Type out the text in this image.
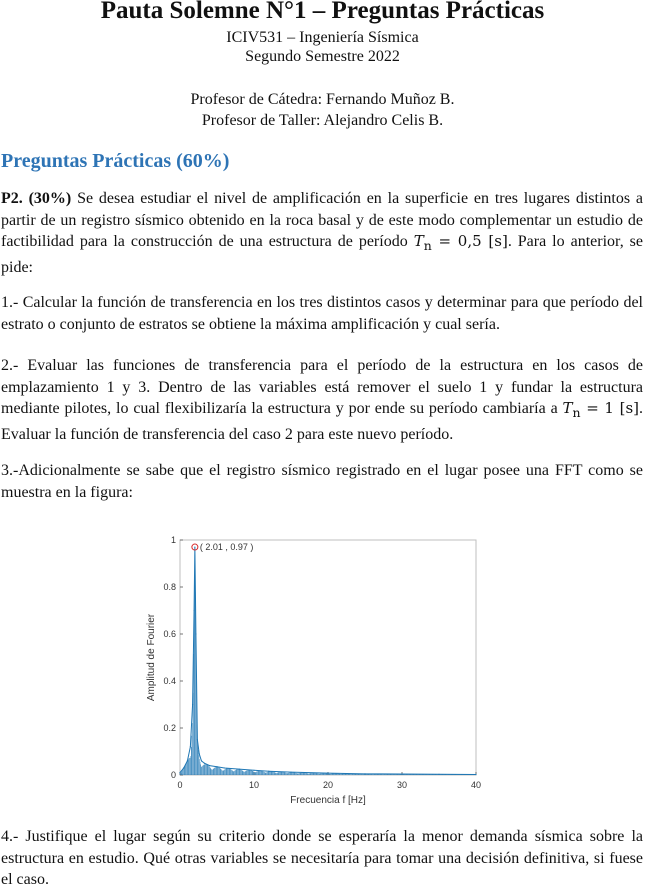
Pauta Solemne N°1 – Preguntas Prácticas
ICIV531 – Ingeniería Sísmica
Segundo Semestre 2022
Profesor de Cátedra: Fernando Muñoz B.
Profesor de Taller: Alejandro Celis B.
Preguntas Prácticas (60%)
P2. (30%) Se desea estudiar el nivel de amplificación en la superficie en tres lugares distintos a partir de un registro sísmico obtenido en la roca basal y de este modo complementar un estudio de factibilidad para la construcción de una estructura de período $T_n = 0,5$ [s]. Para lo anterior, se pide:
1.- Calcular la función de transferencia en los tres distintos casos y determinar para que período del estrato o conjunto de estratos se obtiene la máxima amplificación y cual sería.
2.- Evaluar las funciones de transferencia para el período de la estructura en los casos de emplazamiento 1 y 3. Dentro de las variables está remover el suelo 1 y fundar la estructura mediante pilotes, lo cual flexibilizaría la estructura y por ende su período cambiaría a $T_n = 1$ [s]. Evaluar la función de transferencia del caso 2 para este nuevo período.
3.-Adicionalmente se sabe que el registro sísmico registrado en el lugar posee una FFT como se muestra en la figura:
0	10	20	30	40
0
0.2
0.4
0.6
0.8
1
Frecuencia f [Hz]
Amplitud de Fourier
( 2.01 , 0.97 )
4.- Justifique el lugar según su criterio donde se esperaría la menor demanda sísmica sobre la estructura en estudio. Qué otras variables se necesitaría para tomar una decisión definitiva, si fuese el caso.
